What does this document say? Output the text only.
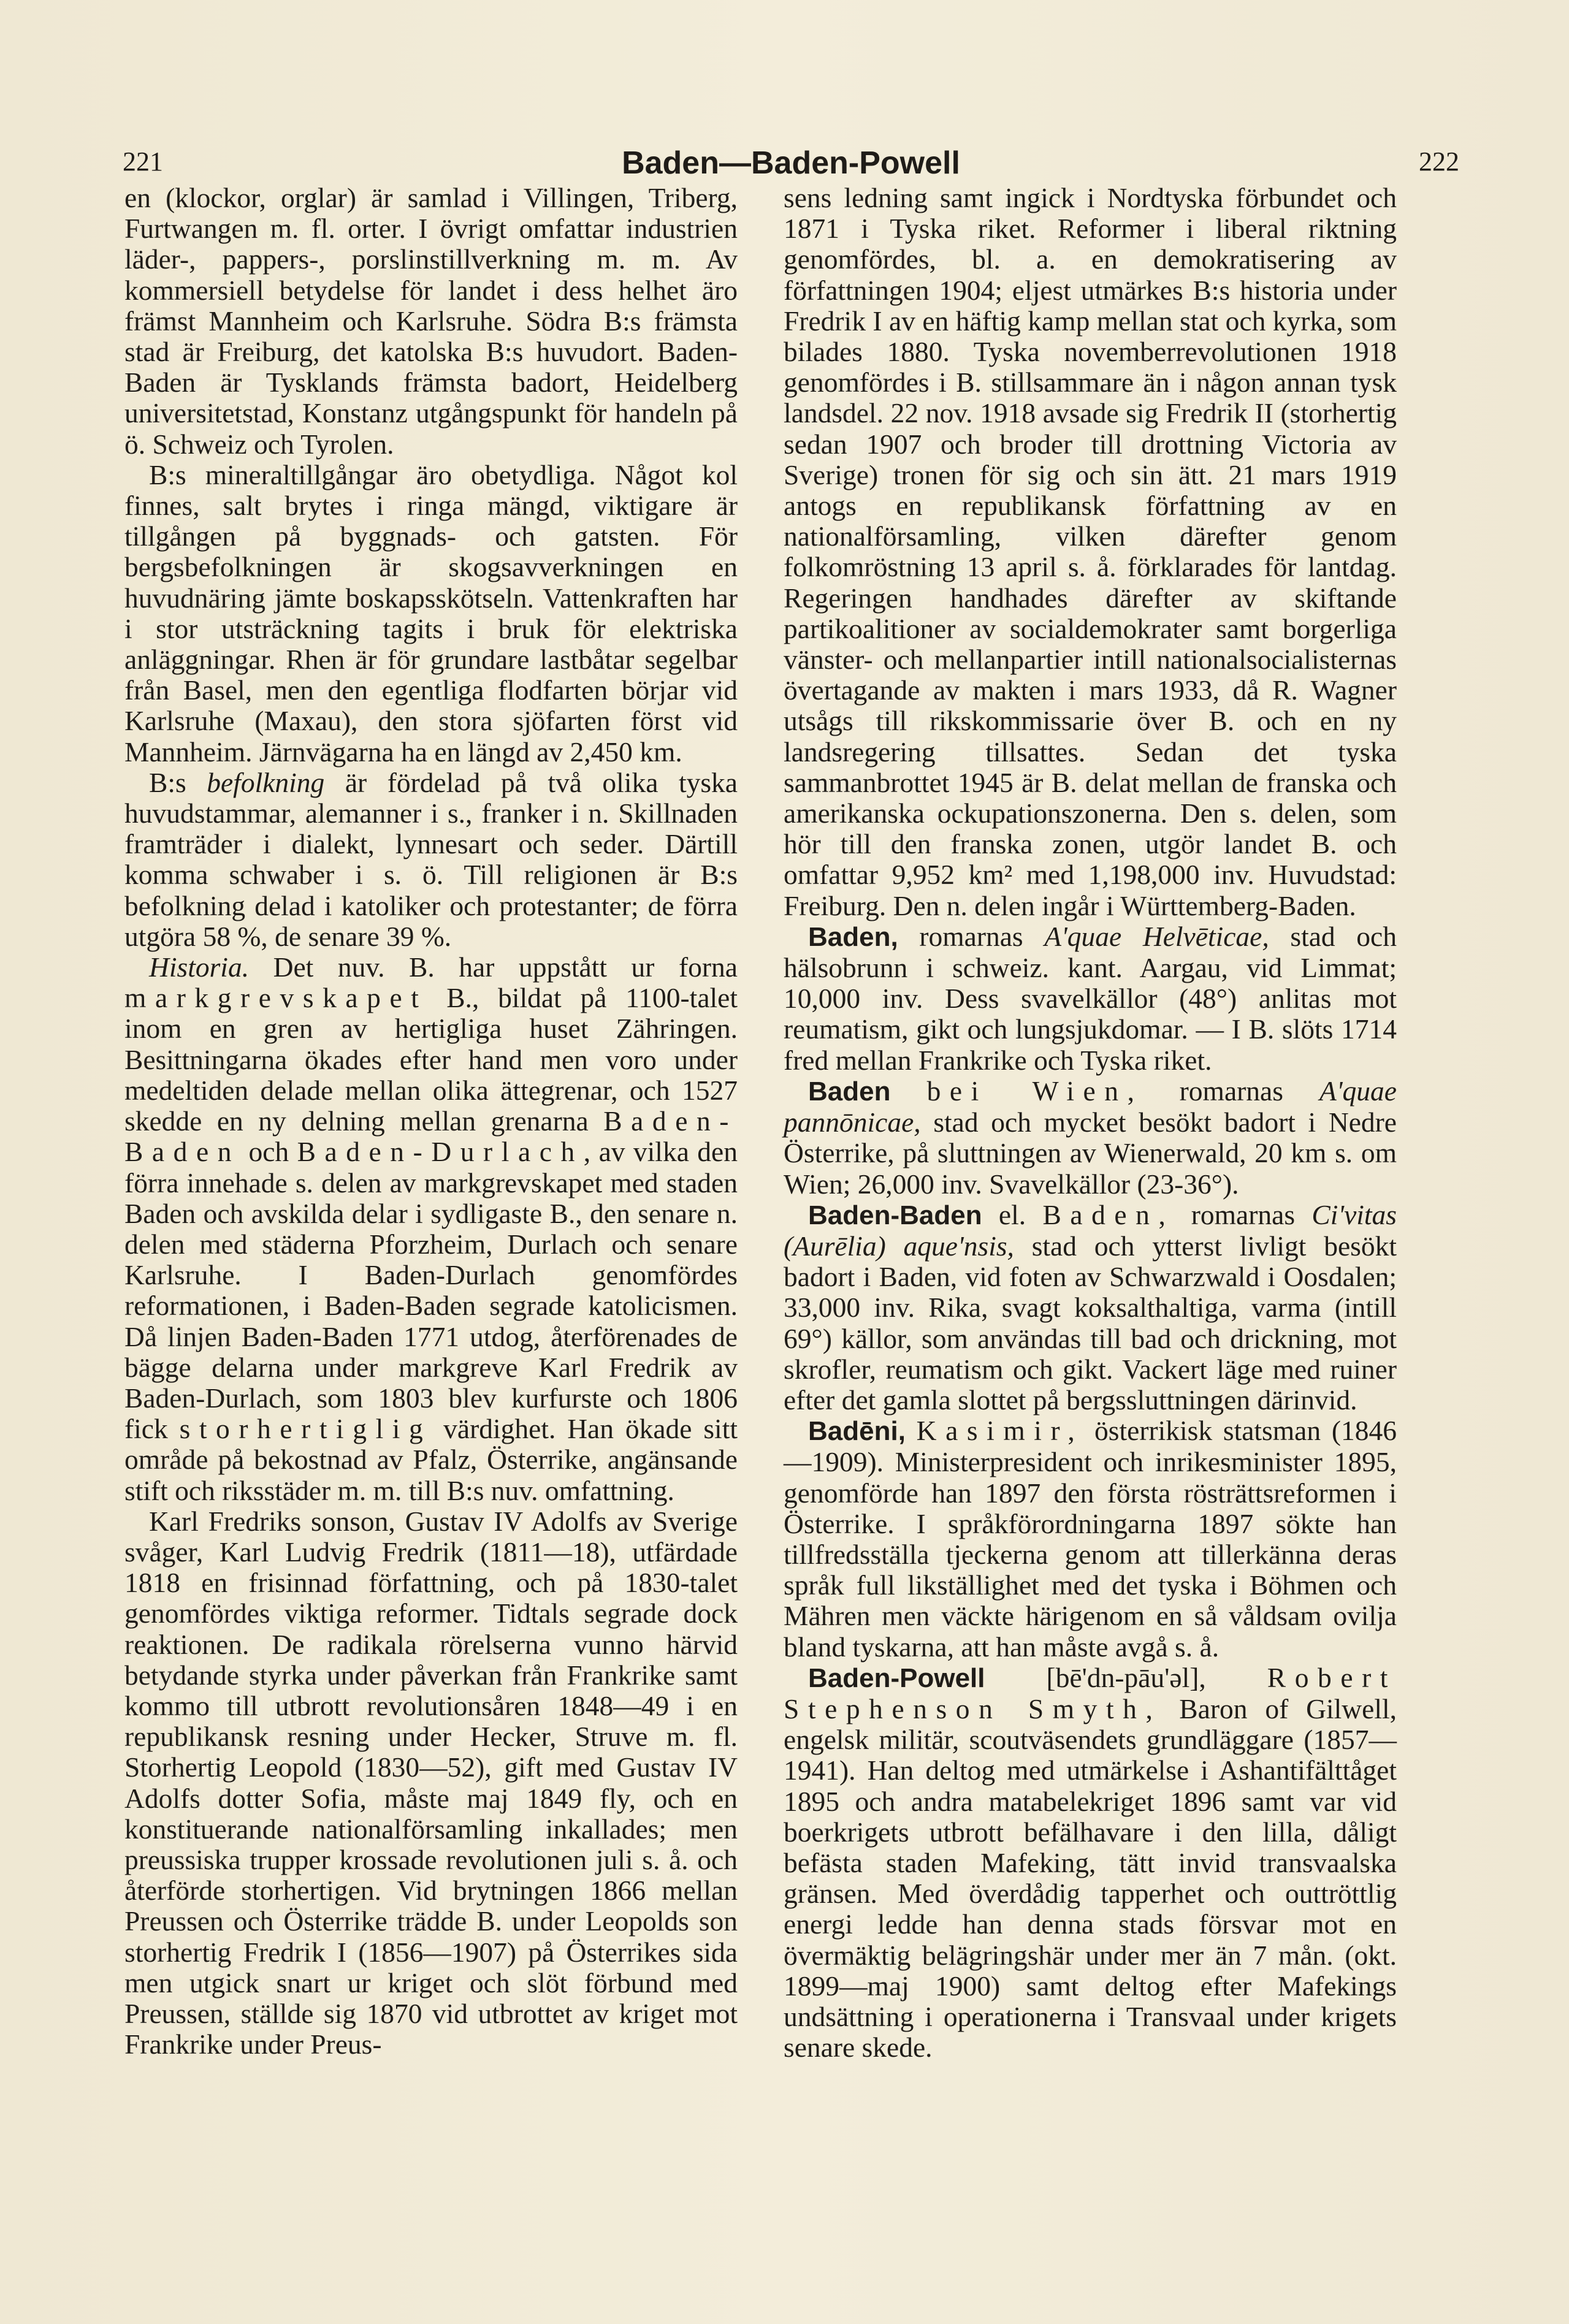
221	Baden—Baden-Powell	222

en (klockor, orglar) är samlad i Villingen, Triberg, Furtwangen m. fl. orter. I övrigt omfattar industrien läder-, pappers-, porslinstillverkning m. m. Av kommersiell betydelse för landet i dess helhet äro främst Mannheim och Karlsruhe. Södra B:s främsta stad är Freiburg, det katolska B:s huvudort. Baden-Baden är Tysklands främsta badort, Heidelberg universitetstad, Konstanz utgångspunkt för handeln på ö. Schweiz och Tyrolen.

B:s mineraltillgångar äro obetydliga. Något kol finnes, salt brytes i ringa mängd, viktigare är tillgången på byggnads- och gatsten. För bergsbefolkningen är skogsavverkningen en huvudnäring jämte boskapsskötseln. Vattenkraften har i stor utsträckning tagits i bruk för elektriska anläggningar. Rhen är för grundare lastbåtar segelbar från Basel, men den egentliga flodfarten börjar vid Karlsruhe (Maxau), den stora sjöfarten först vid Mannheim. Järnvägarna ha en längd av 2,450 km.

B:s befolkning är fördelad på två olika tyska huvudstammar, alemanner i s., franker i n. Skillnaden framträder i dialekt, lynnesart och seder. Därtill komma schwaber i s. ö. Till religionen är B:s befolkning delad i katoliker och protestanter; de förra utgöra 58 %, de senare 39 %.

Historia. Det nuv. B. har uppstått ur forna markgrevskapet B., bildat på 1100-talet inom en gren av hertigliga huset Zähringen. Besittningarna ökades efter hand men voro under medeltiden delade mellan olika ättegrenar, och 1527 skedde en ny delning mellan grenarna Baden-Baden och Baden-Durlach, av vilka den förra innehade s. delen av markgrevskapet med staden Baden och avskilda delar i sydligaste B., den senare n. delen med städerna Pforzheim, Durlach och senare Karlsruhe. I Baden-Durlach genomfördes reformationen, i Baden-Baden segrade katolicismen. Då linjen Baden-Baden 1771 utdog, återförenades de bägge delarna under markgreve Karl Fredrik av Baden-Durlach, som 1803 blev kurfurste och 1806 fick storhertiglig värdighet. Han ökade sitt område på bekostnad av Pfalz, Österrike, angänsande stift och riksstäder m. m. till B:s nuv. omfattning.

Karl Fredriks sonson, Gustav IV Adolfs av Sverige svåger, Karl Ludvig Fredrik (1811—18), utfärdade 1818 en frisinnad författning, och på 1830-talet genomfördes viktiga reformer. Tidtals segrade dock reaktionen. De radikala rörelserna vunno härvid betydande styrka under påverkan från Frankrike samt kommo till utbrott revolutionsåren 1848—49 i en republikansk resning under Hecker, Struve m. fl. Storhertig Leopold (1830—52), gift med Gustav IV Adolfs dotter Sofia, måste maj 1849 fly, och en konstituerande nationalförsamling inkallades; men preussiska trupper krossade revolutionen juli s. å. och återförde storhertigen. Vid brytningen 1866 mellan Preussen och Österrike trädde B. under Leopolds son storhertig Fredrik I (1856—1907) på Österrikes sida men utgick snart ur kriget och slöt förbund med Preussen, ställde sig 1870 vid utbrottet av kriget mot Frankrike under Preus-

sens ledning samt ingick i Nordtyska förbundet och 1871 i Tyska riket. Reformer i liberal riktning genomfördes, bl. a. en demokratisering av författningen 1904; eljest utmärkes B:s historia under Fredrik I av en häftig kamp mellan stat och kyrka, som bilades 1880. Tyska novemberrevolutionen 1918 genomfördes i B. stillsammare än i någon annan tysk landsdel. 22 nov. 1918 avsade sig Fredrik II (storhertig sedan 1907 och broder till drottning Victoria av Sverige) tronen för sig och sin ätt. 21 mars 1919 antogs en republikansk författning av en nationalförsamling, vilken därefter genom folkomröstning 13 april s. å. förklarades för lantdag. Regeringen handhades därefter av skiftande partikoalitioner av socialdemokrater samt borgerliga vänster- och mellanpartier intill nationalsocialisternas övertagande av makten i mars 1933, då R. Wagner utsågs till rikskommissarie över B. och en ny landsregering tillsattes. Sedan det tyska sammanbrottet 1945 är B. delat mellan de franska och amerikanska ockupationszonerna. Den s. delen, som hör till den franska zonen, utgör landet B. och omfattar 9,952 km² med 1,198,000 inv. Huvudstad: Freiburg. Den n. delen ingår i Württemberg-Baden.

Baden, romarnas A'quae Helvēticae, stad och hälsobrunn i schweiz. kant. Aargau, vid Limmat; 10,000 inv. Dess svavelkällor (48°) anlitas mot reumatism, gikt och lungsjukdomar. — I B. slöts 1714 fred mellan Frankrike och Tyska riket.

Baden bei Wien, romarnas A'quae pannōnicae, stad och mycket besökt badort i Nedre Österrike, på sluttningen av Wienerwald, 20 km s. om Wien; 26,000 inv. Svavelkällor (23-36°).

Baden-Baden el. Baden, romarnas Ci'vitas (Aurēlia) aque'nsis, stad och ytterst livligt besökt badort i Baden, vid foten av Schwarzwald i Oosdalen; 33,000 inv. Rika, svagt koksalthaltiga, varma (intill 69°) källor, som användas till bad och drickning, mot skrofler, reumatism och gikt. Vackert läge med ruiner efter det gamla slottet på bergssluttningen därinvid.

Badēni, Kasimir, österrikisk statsman (1846—1909). Ministerpresident och inrikesminister 1895, genomförde han 1897 den första rösträttsreformen i Österrike. I språkförordningarna 1897 sökte han tillfredsställa tjeckerna genom att tillerkänna deras språk full likställighet med det tyska i Böhmen och Mähren men väckte härigenom en så våldsam ovilja bland tyskarna, att han måste avgå s. å.

Baden-Powell [bē'dn-pāu'əl], Robert Stephenson Smyth, Baron of Gilwell, engelsk militär, scoutväsendets grundläggare (1857—1941). Han deltog med utmärkelse i Ashantifälttåget 1895 och andra matabelekriget 1896 samt var vid boerkrigets utbrott befälhavare i den lilla, dåligt befästa staden Mafeking, tätt invid transvaalska gränsen. Med överdådig tapperhet och outtröttlig energi ledde han denna stads försvar mot en övermäktig belägringshär under mer än 7 mån. (okt. 1899—maj 1900) samt deltog efter Mafekings undsättning i operationerna i Transvaal under krigets senare skede.
